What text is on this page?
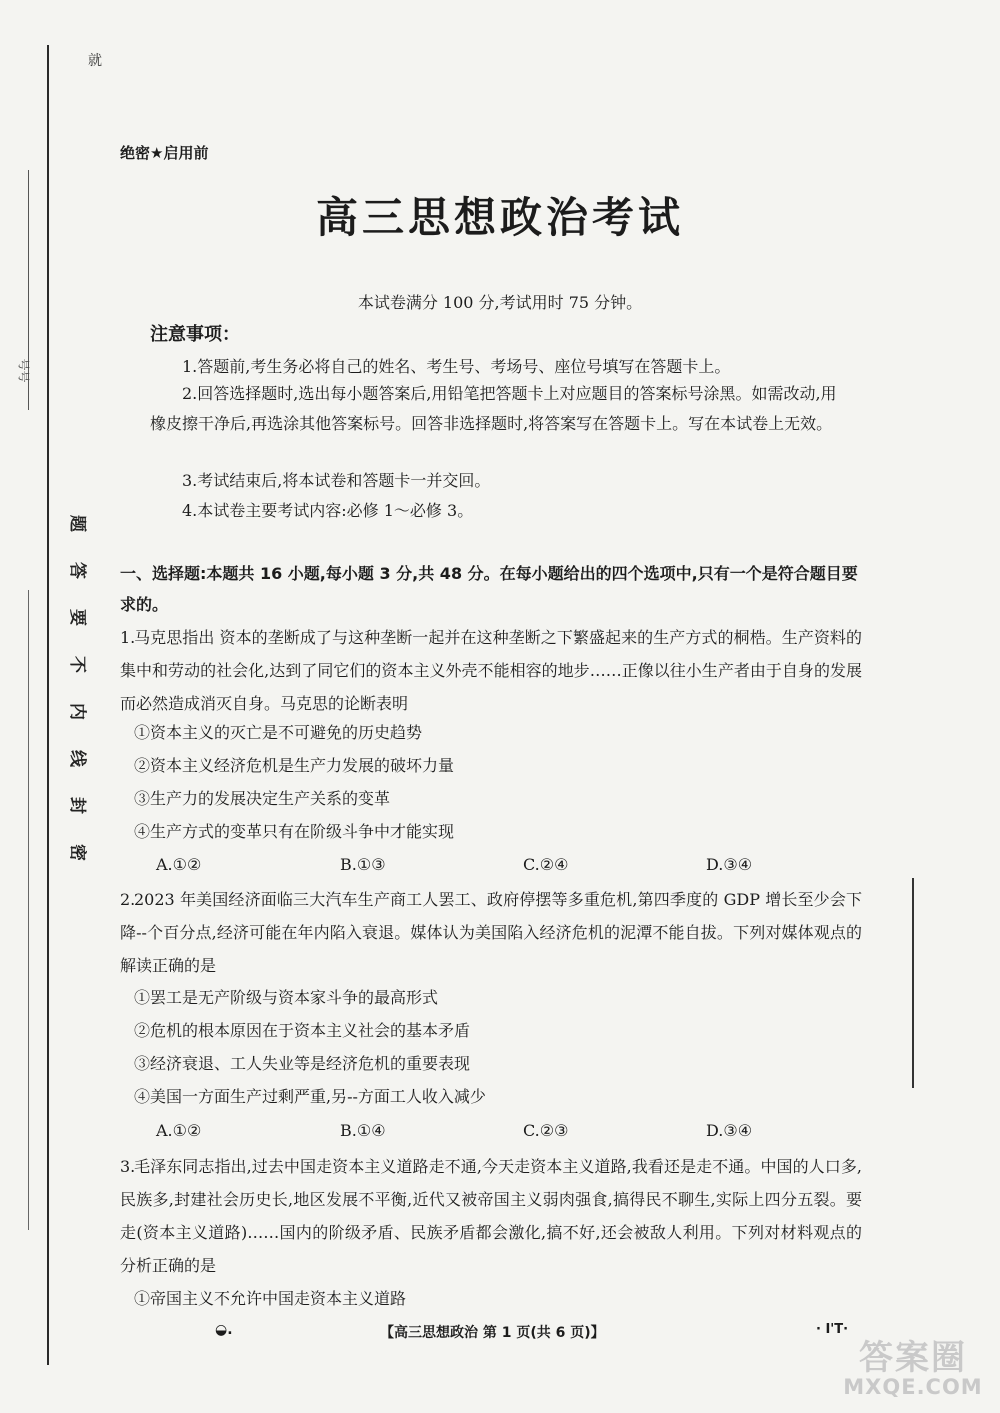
就
号号
题
答
要
不
内
线
封
密
绝密★启用前
高三思想政治考试
本试卷满分 100 分,考试用时 75 分钟。
注意事项：
1.答题前,考生务必将自己的姓名、考生号、考场号、座位号填写在答题卡上。
2.回答选择题时,选出每小题答案后,用铅笔把答题卡上对应题目的答案标号涂黑。如需改动,用橡皮擦干净后,再选涂其他答案标号。回答非选择题时,将答案写在答题卡上。写在本试卷上无效。
3.考试结束后,将本试卷和答题卡一并交回。
4.本试卷主要考试内容:必修 1～必修 3。
一、选择题:本题共 16 小题,每小题 3 分,共 48 分。在每小题给出的四个选项中,只有一个是符合题目要求的。
1.马克思指出 资本的垄断成了与这种垄断一起并在这种垄断之下繁盛起来的生产方式的桐梏。生产资料的集中和劳动的社会化,达到了同它们的资本主义外壳不能相容的地步……正像以往小生产者由于自身的发展而必然造成消灭自身。马克思的论断表明
①资本主义的灭亡是不可避免的历史趋势
②资本主义经济危机是生产力发展的破坏力量
③生产力的发展决定生产关系的变革
④生产方式的变革只有在阶级斗争中才能实现
A.①②	B.①③	C.②④	D.③④
2.2023 年美国经济面临三大汽车生产商工人罢工、政府停摆等多重危机,第四季度的 GDP 增长至少会下降--个百分点,经济可能在年内陷入衰退。媒体认为美国陷入经济危机的泥潭不能自拔。下列对媒体观点的解读正确的是
①罢工是无产阶级与资本家斗争的最高形式
②危机的根本原因在于资本主义社会的基本矛盾
③经济衰退、工人失业等是经济危机的重要表现
④美国一方面生产过剩严重,另--方面工人收入减少
A.①②	B.①④	C.②③	D.③④
3.毛泽东同志指出,过去中国走资本主义道路走不通,今天走资本主义道路,我看还是走不通。中国的人口多,民族多,封建社会历史长,地区发展不平衡,近代又被帝国主义弱肉强食,搞得民不聊生,实际上四分五裂。要走(资本主义道路)……国内的阶级矛盾、民族矛盾都会激化,搞不好,还会被敌人利用。下列对材料观点的分析正确的是
①帝国主义不允许中国走资本主义道路
◒.	【高三思想政治 第 1 页(共 6 页)】	· I'T·
答案圈
MXQE.COM
